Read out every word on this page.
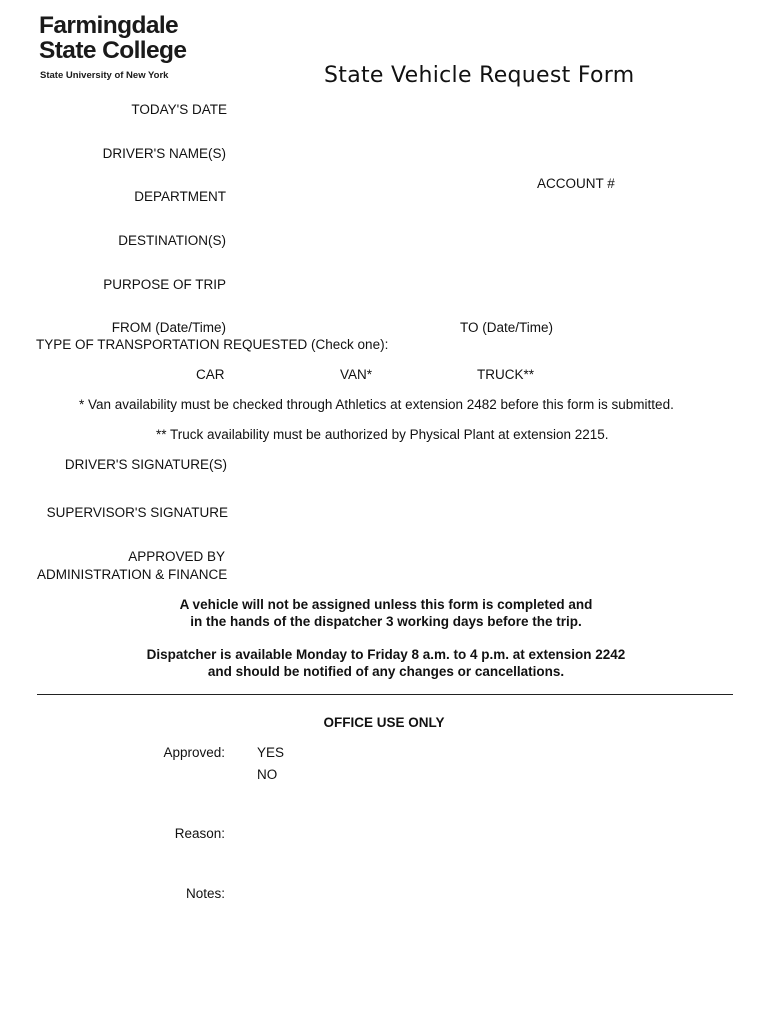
Farmingdale
State College
State University of New York	State Vehicle Request Form
TODAY'S DATE
DRIVER'S NAME(S)
ACCOUNT #
DEPARTMENT
DESTINATION(S)
PURPOSE OF TRIP
FROM (Date/Time)	TO (Date/Time)
TYPE OF TRANSPORTATION REQUESTED (Check one):
CAR	VAN*	TRUCK**
* Van availability must be checked through Athletics at extension 2482 before this form is submitted.
** Truck availability must be authorized by Physical Plant at extension 2215.
DRIVER'S SIGNATURE(S)
SUPERVISOR'S SIGNATURE
APPROVED BY
ADMINISTRATION & FINANCE
A vehicle will not be assigned unless this form is completed and
in the hands of the dispatcher 3 working days before the trip.
Dispatcher is available Monday to Friday 8 a.m. to 4 p.m. at extension 2242
and should be notified of any changes or cancellations.
OFFICE USE ONLY
Approved: YES
NO
Reason:
Notes:
